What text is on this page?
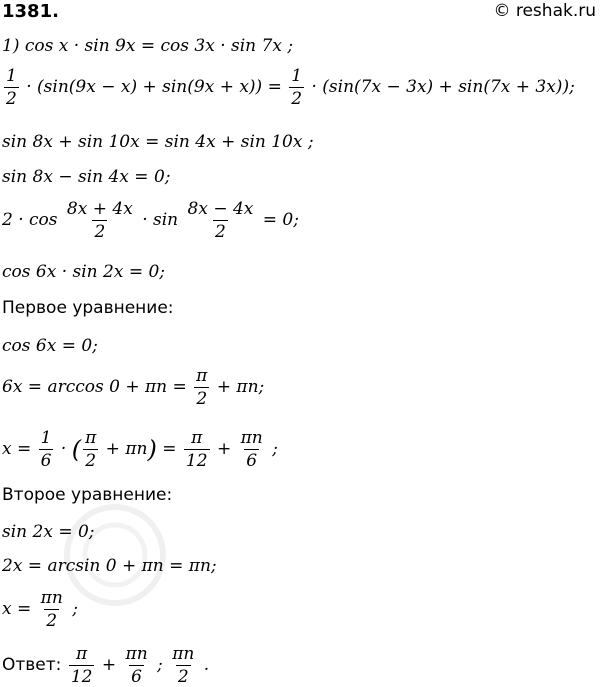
1381.	© reshak.ru
1) cos x · sin 9x = cos 3x · sin 7x ;
$\frac{1}{2} \cdot (\sin(9x - x) + \sin(9x + x)) = \frac{1}{2} \cdot (\sin(7x - 3x) + \sin(7x + 3x))$;
sin 8x + sin 10x = sin 4x + sin 10x ;
sin 8x − sin 4x = 0;
$2 \cdot \cos \frac{8x + 4x}{2} \cdot \sin \frac{8x - 4x}{2} = 0$;
cos 6x · sin 2x = 0;
Первое уравнение:
cos 6x = 0;
$6x = \arccos 0 + \pi n = \frac{\pi}{2} + \pi n$;
$x = \frac{1}{6}$ · ( $\frac{\pi}{2} + \pi n) = \frac{\pi}{12} + \frac{\pi n}{6}$ ;
Второе уравнение:
sin 2x = 0;
2x = arcsin 0 + πn = πn;
$x = \frac{\pi n}{2}$ ;
Ответ: $\frac{\pi}{12} + \frac{\pi n}{6}$ ; $\frac{\pi n}{2}$ .
